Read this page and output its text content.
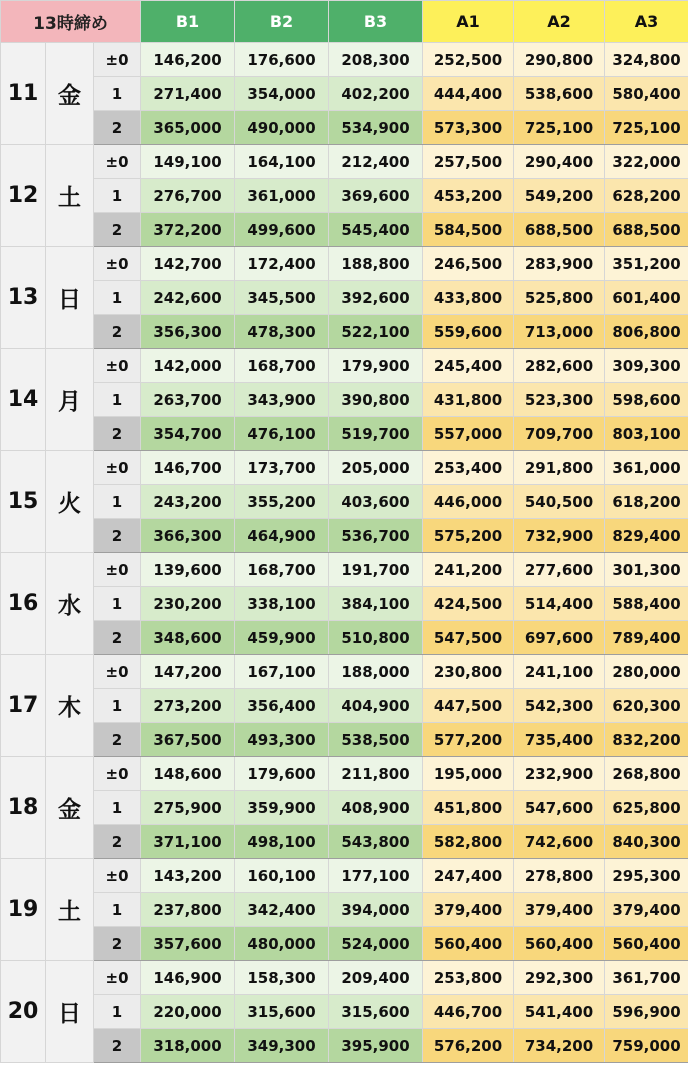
13時締め			B1	B2	B3	A1	A2	A3
11	金	±0	146,200	176,600	208,300	252,500	290,800	324,800
		1	271,400	354,000	402,200	444,400	538,600	580,400
		2	365,000	490,000	534,900	573,300	725,100	725,100
12	土	±0	149,100	164,100	212,400	257,500	290,400	322,000
		1	276,700	361,000	369,600	453,200	549,200	628,200
		2	372,200	499,600	545,400	584,500	688,500	688,500
13	日	±0	142,700	172,400	188,800	246,500	283,900	351,200
		1	242,600	345,500	392,600	433,800	525,800	601,400
		2	356,300	478,300	522,100	559,600	713,000	806,800
14	月	±0	142,000	168,700	179,900	245,400	282,600	309,300
		1	263,700	343,900	390,800	431,800	523,300	598,600
		2	354,700	476,100	519,700	557,000	709,700	803,100
15	火	±0	146,700	173,700	205,000	253,400	291,800	361,000
		1	243,200	355,200	403,600	446,000	540,500	618,200
		2	366,300	464,900	536,700	575,200	732,900	829,400
16	水	±0	139,600	168,700	191,700	241,200	277,600	301,300
		1	230,200	338,100	384,100	424,500	514,400	588,400
		2	348,600	459,900	510,800	547,500	697,600	789,400
17	木	±0	147,200	167,100	188,000	230,800	241,100	280,000
		1	273,200	356,400	404,900	447,500	542,300	620,300
		2	367,500	493,300	538,500	577,200	735,400	832,200
18	金	±0	148,600	179,600	211,800	195,000	232,900	268,800
		1	275,900	359,900	408,900	451,800	547,600	625,800
		2	371,100	498,100	543,800	582,800	742,600	840,300
19	土	±0	143,200	160,100	177,100	247,400	278,800	295,300
		1	237,800	342,400	394,000	379,400	379,400	379,400
		2	357,600	480,000	524,000	560,400	560,400	560,400
20	日	±0	146,900	158,300	209,400	253,800	292,300	361,700
		1	220,000	315,600	315,600	446,700	541,400	596,900
		2	318,000	349,300	395,900	576,200	734,200	759,000
